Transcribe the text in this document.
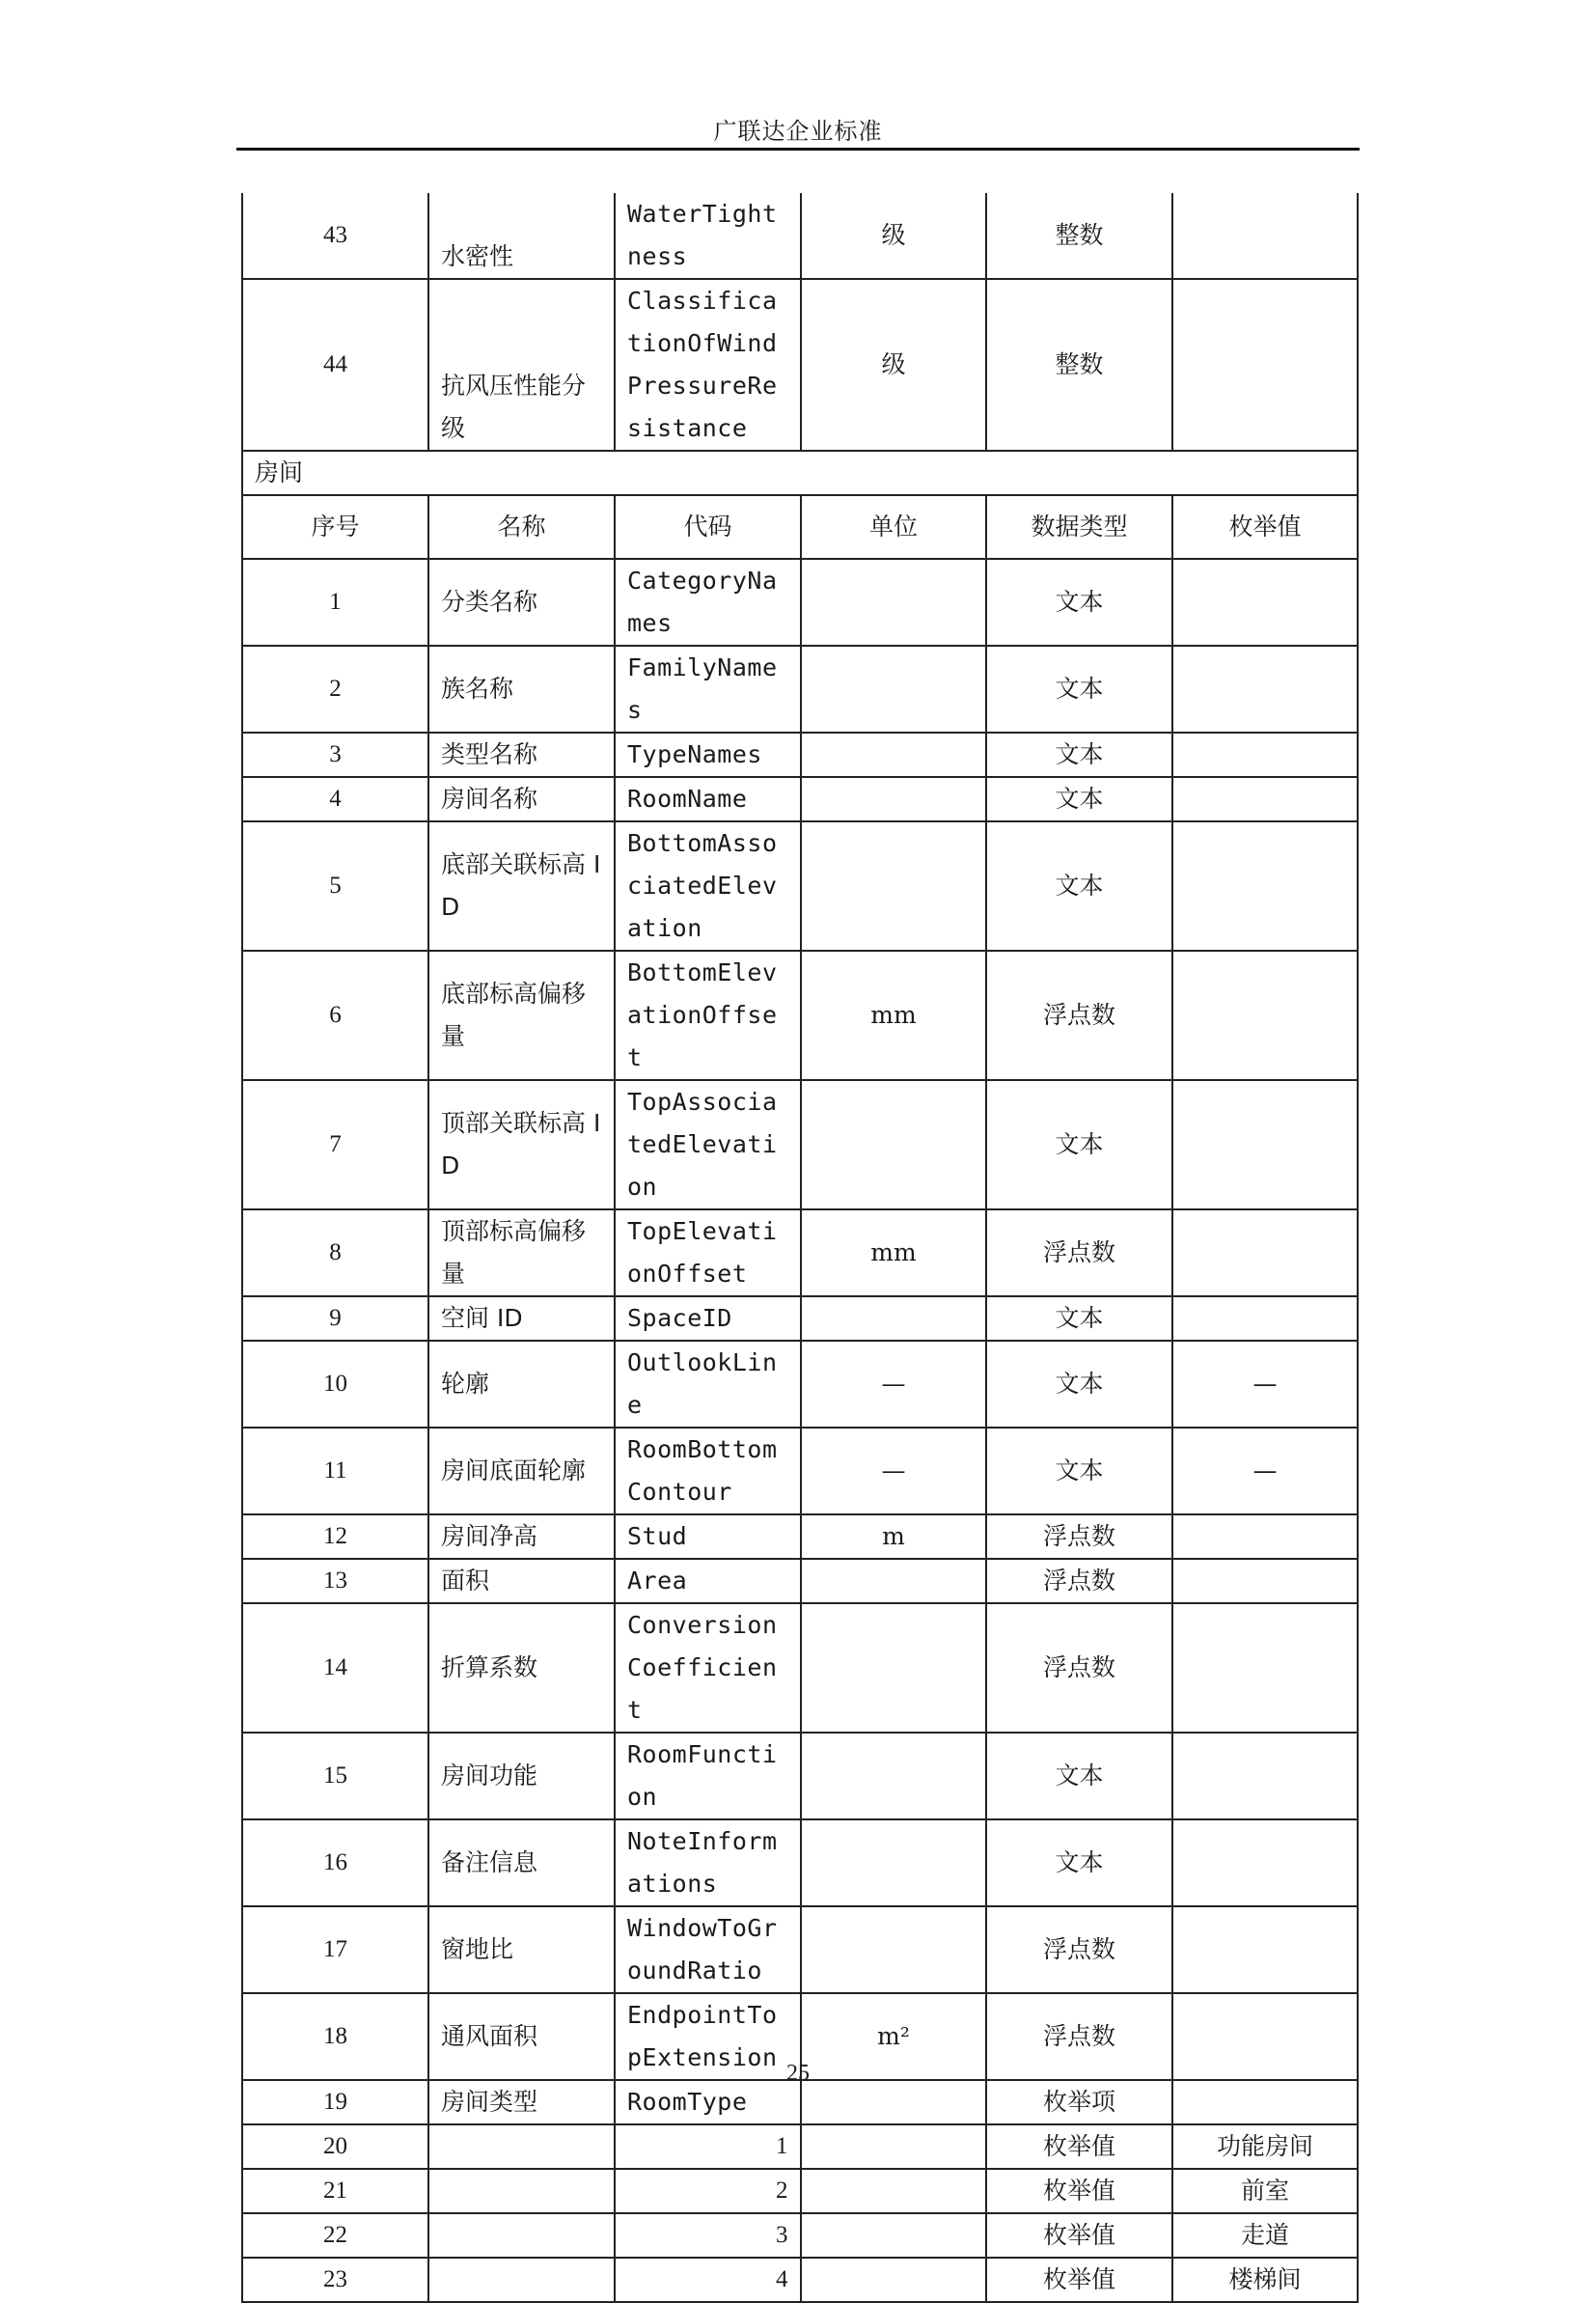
广联达企业标准
43	水密性	WaterTightness	级	整数	
44	抗风压性能分级	ClassificationOfWindPressureResistance	级	整数	
房间					
序号	名称	代码	单位	数据类型	枚举值
1	分类名称	CategoryNames		文本	
2	族名称	FamilyNames		文本	
3	类型名称	TypeNames		文本	
4	房间名称	RoomName		文本	
5	底部关联标高 ID	BottomAssociatedElevation		文本	
6	底部标高偏移量	BottomElevationOffset	mm	浮点数	
7	顶部关联标高 ID	TopAssociatedElevation		文本	
8	顶部标高偏移量	TopElevationOffset	mm	浮点数	
9	空间 ID	SpaceID		文本	
10	轮廓	OutlookLine	—	文本	—
11	房间底面轮廓	RoomBottomContour	—	文本	—
12	房间净高	Stud	m	浮点数	
13	面积	Area		浮点数	
14	折算系数	ConversionCoefficient		浮点数	
15	房间功能	RoomFunction		文本	
16	备注信息	NoteInformations		文本	
17	窗地比	WindowToGroundRatio		浮点数	
18	通风面积	EndpointTopExtension	m²	浮点数	
19	房间类型	RoomType		枚举项	
20		1		枚举值	功能房间
21		2		枚举值	前室
22		3		枚举值	走道
23		4		枚举值	楼梯间
25
